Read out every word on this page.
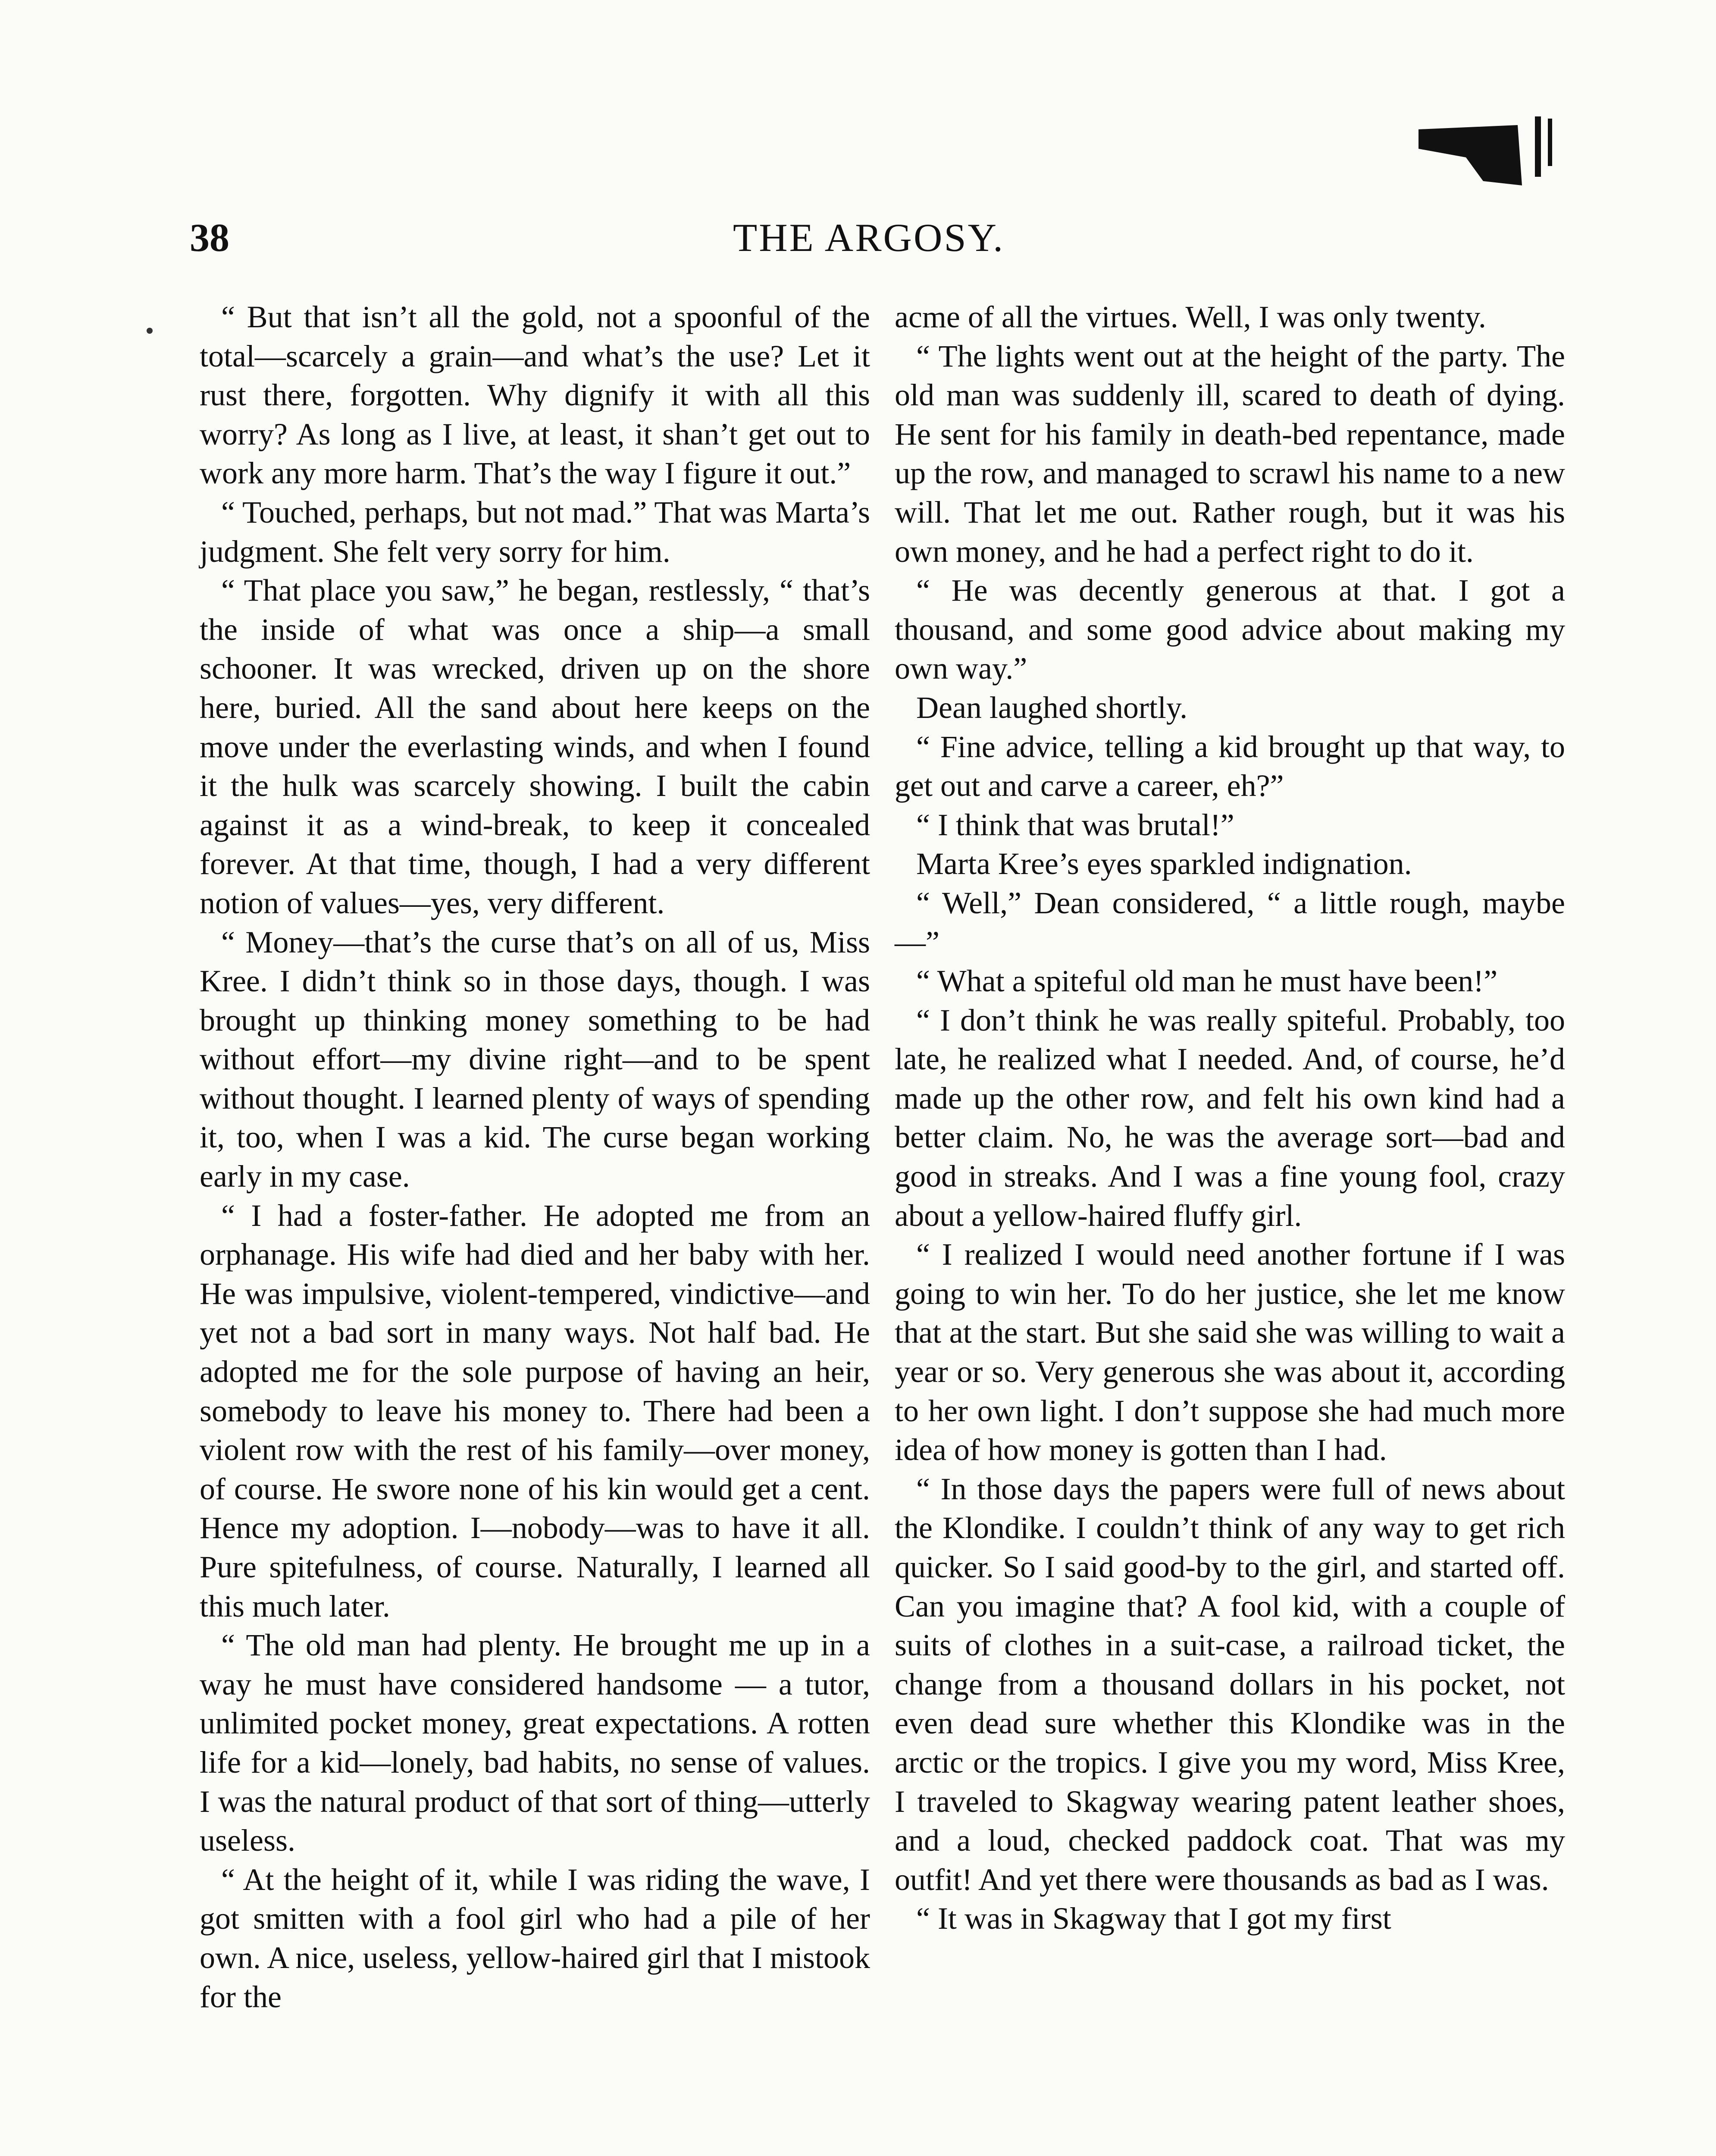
38	THE ARGOSY.

“ But that isn’t all the gold, not a spoonful of the total—scarcely a grain—and what’s the use? Let it rust there, forgotten. Why dignify it with all this worry? As long as I live, at least, it shan’t get out to work any more harm. That’s the way I figure it out.”

“ Touched, perhaps, but not mad.” That was Marta’s judgment. She felt very sorry for him.

“ That place you saw,” he began, restlessly, “ that’s the inside of what was once a ship—a small schooner. It was wrecked, driven up on the shore here, buried. All the sand about here keeps on the move under the everlasting winds, and when I found it the hulk was scarcely showing. I built the cabin against it as a wind-break, to keep it concealed forever. At that time, though, I had a very different notion of values—yes, very different.

“ Money—that’s the curse that’s on all of us, Miss Kree. I didn’t think so in those days, though. I was brought up thinking money something to be had without effort—my divine right—and to be spent without thought. I learned plenty of ways of spending it, too, when I was a kid. The curse began working early in my case.

“ I had a foster-father. He adopted me from an orphanage. His wife had died and her baby with her. He was impulsive, violent-tempered, vindictive—and yet not a bad sort in many ways. Not half bad. He adopted me for the sole purpose of having an heir, somebody to leave his money to. There had been a violent row with the rest of his family—over money, of course. He swore none of his kin would get a cent. Hence my adoption. I—nobody—was to have it all. Pure spitefulness, of course. Naturally, I learned all this much later.

“ The old man had plenty. He brought me up in a way he must have considered handsome — a tutor, unlimited pocket money, great expectations. A rotten life for a kid—lonely, bad habits, no sense of values. I was the natural product of that sort of thing—utterly useless.

“ At the height of it, while I was riding the wave, I got smitten with a fool girl who had a pile of her own. A nice, useless, yellow-haired girl that I mistook for the

acme of all the virtues. Well, I was only twenty.

“ The lights went out at the height of the party. The old man was suddenly ill, scared to death of dying. He sent for his family in death-bed repentance, made up the row, and managed to scrawl his name to a new will. That let me out. Rather rough, but it was his own money, and he had a perfect right to do it.

“ He was decently generous at that. I got a thousand, and some good advice about making my own way.”

Dean laughed shortly.

“ Fine advice, telling a kid brought up that way, to get out and carve a career, eh?”

“ I think that was brutal!”

Marta Kree’s eyes sparkled indignation.

“ Well,” Dean considered, “ a little rough, maybe—”

“ What a spiteful old man he must have been!”

“ I don’t think he was really spiteful. Probably, too late, he realized what I needed. And, of course, he’d made up the other row, and felt his own kind had a better claim. No, he was the average sort—bad and good in streaks. And I was a fine young fool, crazy about a yellow-haired fluffy girl.

“ I realized I would need another fortune if I was going to win her. To do her justice, she let me know that at the start. But she said she was willing to wait a year or so. Very generous she was about it, according to her own light. I don’t suppose she had much more idea of how money is gotten than I had.

“ In those days the papers were full of news about the Klondike. I couldn’t think of any way to get rich quicker. So I said good-by to the girl, and started off. Can you imagine that? A fool kid, with a couple of suits of clothes in a suit-case, a railroad ticket, the change from a thousand dollars in his pocket, not even dead sure whether this Klondike was in the arctic or the tropics. I give you my word, Miss Kree, I traveled to Skagway wearing patent leather shoes, and a loud, checked paddock coat. That was my outfit! And yet there were thousands as bad as I was.

“ It was in Skagway that I got my first
